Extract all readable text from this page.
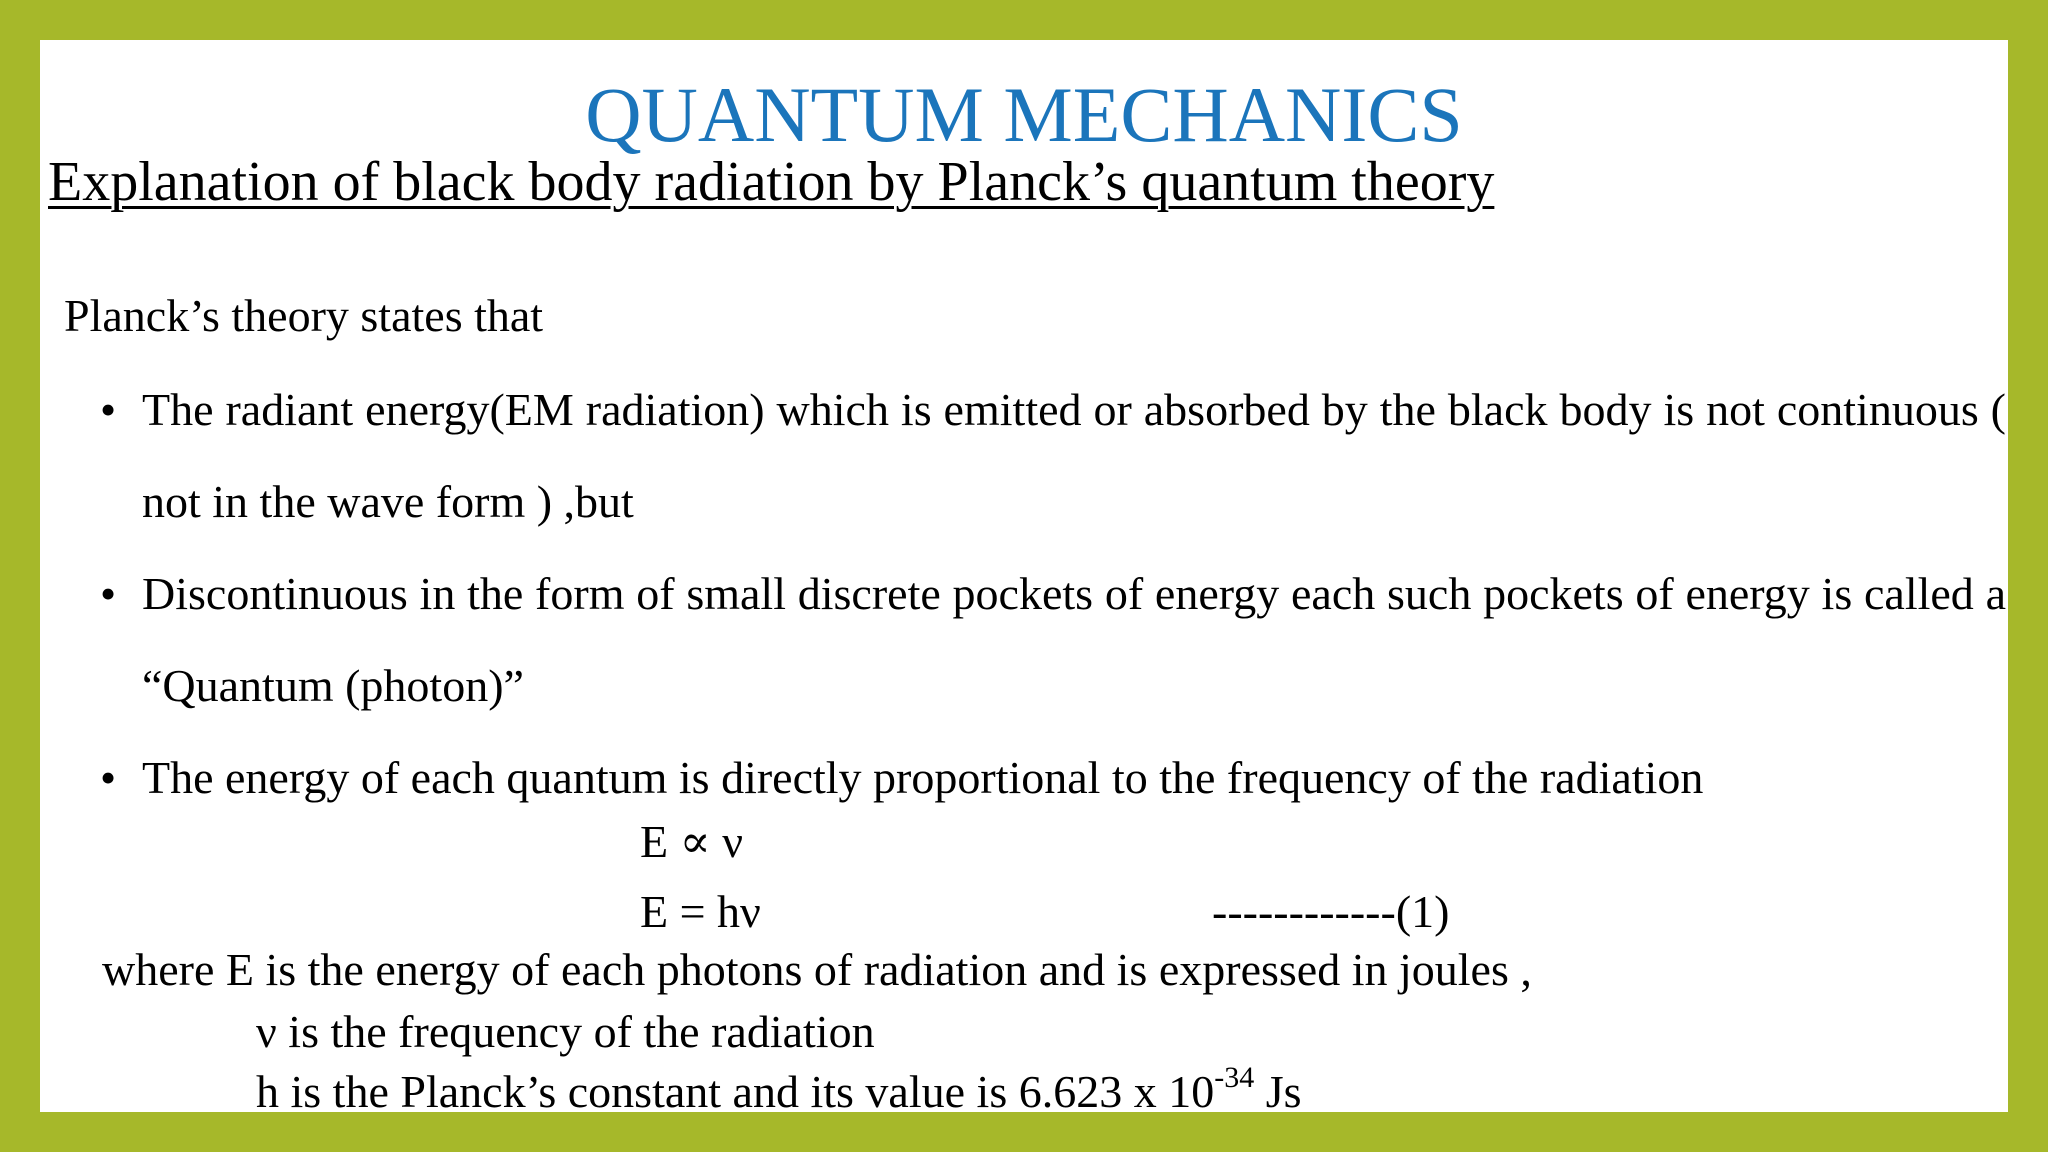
QUANTUM MECHANICS
Explanation of black body radiation by Planck’s quantum theory
Planck’s theory states that
• The radiant energy(EM radiation) which is emitted or absorbed by the black body is not continuous ( not in the wave form ) ,but
• Discontinuous in the form of small discrete pockets of energy each such pockets of energy is called a “Quantum (photon)”
• The energy of each quantum is directly proportional to the frequency of the radiation
E ∝ ν
E = hν	------------(1)
where E is the energy of each photons of radiation and is expressed in joules ,
ν is the frequency of the radiation
h is the Planck’s constant and its value is 6.623 x $10^{-34}$ Js
